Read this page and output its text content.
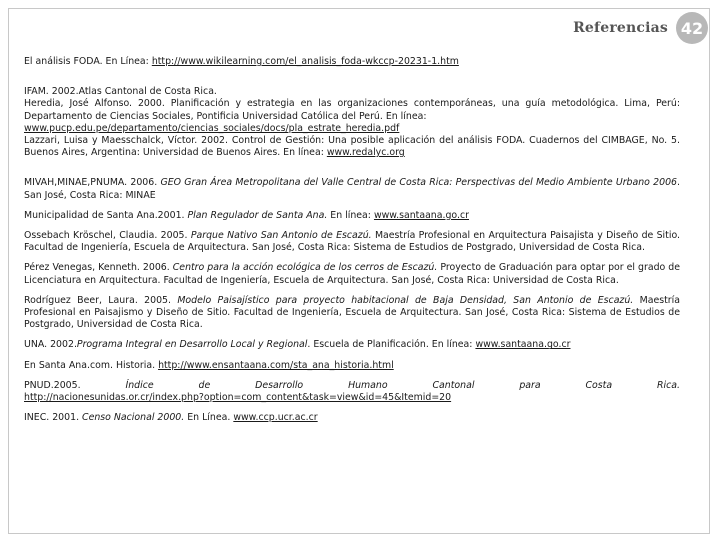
Referencias 42

El análisis FODA. En Línea: http://www.wikilearning.com/el_analisis_foda-wkccp-20231-1.htm

IFAM. 2002.Atlas Cantonal de Costa Rica.

Heredia, José Alfonso. 2000. Planificación y estrategia en las organizaciones contemporáneas, una guía metodológica. Lima, Perú: Departamento de Ciencias Sociales, Pontificia Universidad Católica del Perú. En línea:
www.pucp.edu.pe/departamento/ciencias_sociales/docs/pla_estrate_heredia.pdf

Lazzari, Luisa y Maesschalck, Víctor. 2002. Control de Gestión: Una posible aplicación del análisis FODA. Cuadernos del CIMBAGE, No. 5. Buenos Aires, Argentina: Universidad de Buenos Aires. En línea: www.redalyc.org

MIVAH,MINAE,PNUMA. 2006. GEO Gran Área Metropolitana del Valle Central de Costa Rica: Perspectivas del Medio Ambiente Urbano 2006. San José, Costa Rica: MINAE

Municipalidad de Santa Ana.2001. Plan Regulador de Santa Ana. En línea: www.santaana.go.cr

Ossebach Kröschel, Claudia. 2005. Parque Nativo San Antonio de Escazú. Maestría Profesional en Arquitectura Paisajista y Diseño de Sitio. Facultad de Ingeniería, Escuela de Arquitectura. San José, Costa Rica: Sistema de Estudios de Postgrado, Universidad de Costa Rica.

Pérez Venegas, Kenneth. 2006. Centro para la acción ecológica de los cerros de Escazú. Proyecto de Graduación para optar por el grado de Licenciatura en Arquitectura. Facultad de Ingeniería, Escuela de Arquitectura. San José, Costa Rica: Universidad de Costa Rica.

Rodríguez Beer, Laura. 2005. Modelo Paisajístico para proyecto habitacional de Baja Densidad, San Antonio de Escazú. Maestría Profesional en Paisajismo y Diseño de Sitio. Facultad de Ingeniería, Escuela de Arquitectura. San José, Costa Rica: Sistema de Estudios de Postgrado, Universidad de Costa Rica.

UNA. 2002.Programa Integral en Desarrollo Local y Regional. Escuela de Planificación. En línea: www.santaana.go.cr

En Santa Ana.com. Historia. http://www.ensantaana.com/sta_ana_historia.html

PNUD.2005.	Índice	de	Desarrollo	Humano	Cantonal	para	Costa	Rica.
http://nacionesunidas.or.cr/index.php?option=com_content&task=view&id=45&Itemid=20

INEC. 2001. Censo Nacional 2000. En Línea. www.ccp.ucr.ac.cr
